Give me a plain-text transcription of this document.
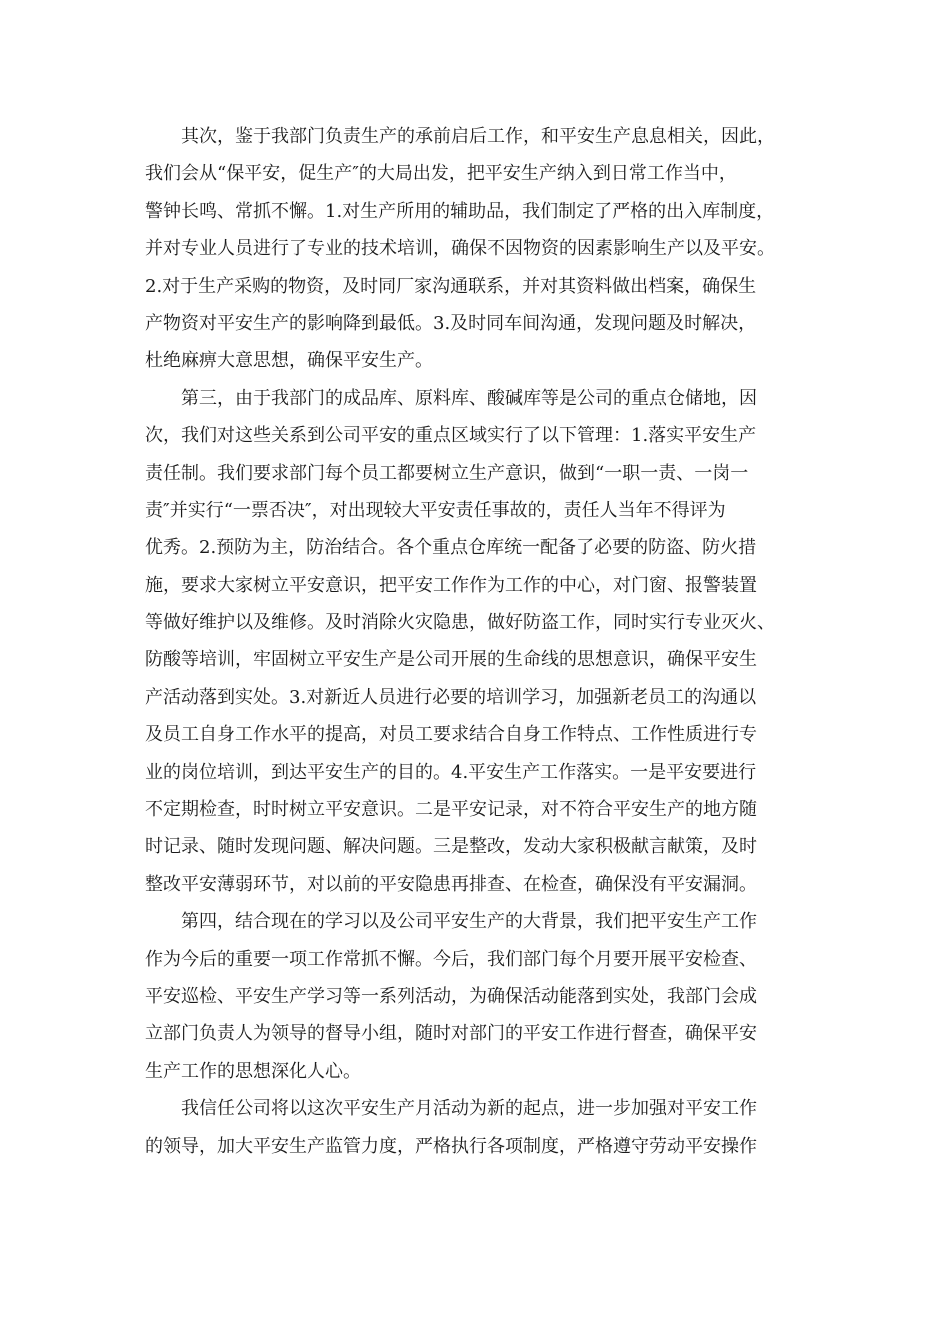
其次，鉴于我部门负责生产的承前启后工作，和平安生产息息相关，因此，
我们会从“保平安，促生产″的大局出发，把平安生产纳入到日常工作当中，
警钟长鸣、常抓不懈。1.对生产所用的辅助品，我们制定了严格的出入库制度，
并对专业人员进行了专业的技术培训，确保不因物资的因素影响生产以及平安。
2.对于生产采购的物资，及时同厂家沟通联系，并对其资料做出档案，确保生
产物资对平安生产的影响降到最低。3.及时同车间沟通，发现问题及时解决，
杜绝麻痹大意思想，确保平安生产。
第三，由于我部门的成品库、原料库、酸碱库等是公司的重点仓储地，因
次，我们对这些关系到公司平安的重点区域实行了以下管理：1.落实平安生产
责任制。我们要求部门每个员工都要树立生产意识，做到“一职一责、一岗一
责″并实行“一票否决″，对出现较大平安责任事故的，责任人当年不得评为
优秀。2.预防为主，防治结合。各个重点仓库统一配备了必要的防盗、防火措
施，要求大家树立平安意识，把平安工作作为工作的中心，对门窗、报警装置
等做好维护以及维修。及时消除火灾隐患，做好防盗工作，同时实行专业灭火、
防酸等培训，牢固树立平安生产是公司开展的生命线的思想意识，确保平安生
产活动落到实处。3.对新近人员进行必要的培训学习，加强新老员工的沟通以
及员工自身工作水平的提高，对员工要求结合自身工作特点、工作性质进行专
业的岗位培训，到达平安生产的目的。4.平安生产工作落实。一是平安要进行
不定期检查，时时树立平安意识。二是平安记录，对不符合平安生产的地方随
时记录、随时发现问题、解决问题。三是整改，发动大家积极献言献策，及时
整改平安薄弱环节，对以前的平安隐患再排查、在检查，确保没有平安漏洞。
第四，结合现在的学习以及公司平安生产的大背景，我们把平安生产工作
作为今后的重要一项工作常抓不懈。今后，我们部门每个月要开展平安检查、
平安巡检、平安生产学习等一系列活动，为确保活动能落到实处，我部门会成
立部门负责人为领导的督导小组，随时对部门的平安工作进行督查，确保平安
生产工作的思想深化人心。
我信任公司将以这次平安生产月活动为新的起点，进一步加强对平安工作
的领导，加大平安生产监管力度，严格执行各项制度，严格遵守劳动平安操作
